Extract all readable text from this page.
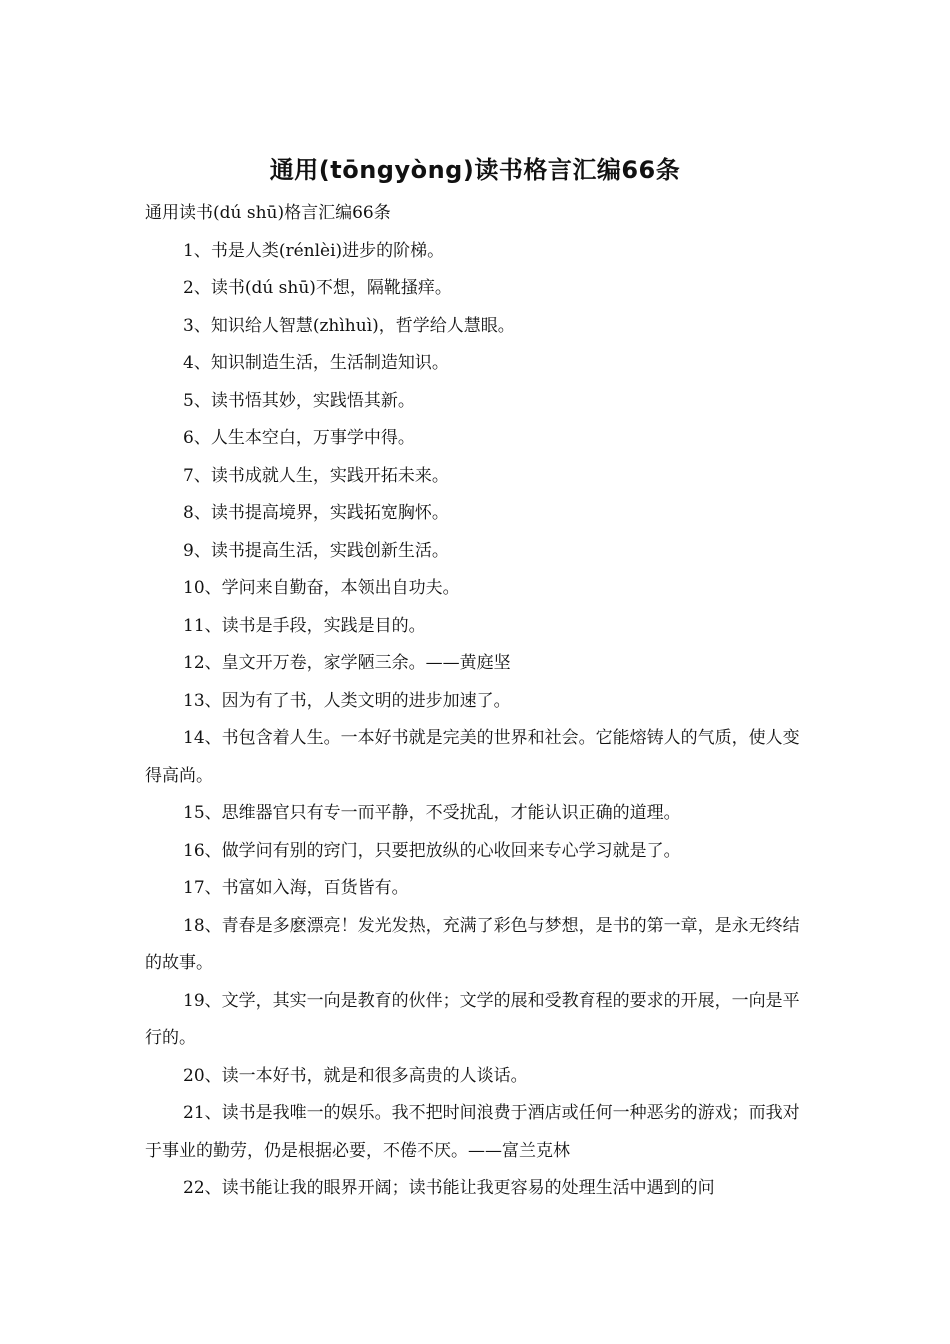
通用(tōngyòng)读书格言汇编66条

通用读书(dú shū)格言汇编66条

1、书是人类(rénlèi)进步的阶梯。

2、读书(dú shū)不想，隔靴搔痒。

3、知识给人智慧(zhìhuì)，哲学给人慧眼。

4、知识制造生活，生活制造知识。

5、读书悟其妙，实践悟其新。

6、人生本空白，万事学中得。

7、读书成就人生，实践开拓未来。

8、读书提高境界，实践拓宽胸怀。

9、读书提高生活，实践创新生活。

10、学问来自勤奋，本领出自功夫。

11、读书是手段，实践是目的。

12、皇文开万卷，家学陋三余。——黄庭坚

13、因为有了书，人类文明的进步加速了。

14、书包含着人生。一本好书就是完美的世界和社会。它能熔铸人的气质，使人变得高尚。

15、思维器官只有专一而平静，不受扰乱，才能认识正确的道理。

16、做学问有别的窍门，只要把放纵的心收回来专心学习就是了。

17、书富如入海，百货皆有。

18、青春是多麽漂亮！发光发热，充满了彩色与梦想，是书的第一章，是永无终结的故事。

19、文学，其实一向是教育的伙伴；文学的展和受教育程的要求的开展，一向是平行的。

20、读一本好书，就是和很多高贵的人谈话。

21、读书是我唯一的娱乐。我不把时间浪费于酒店或任何一种恶劣的游戏；而我对于事业的勤劳，仍是根据必要，不倦不厌。——富兰克林

22、读书能让我的眼界开阔；读书能让我更容易的处理生活中遇到的问
